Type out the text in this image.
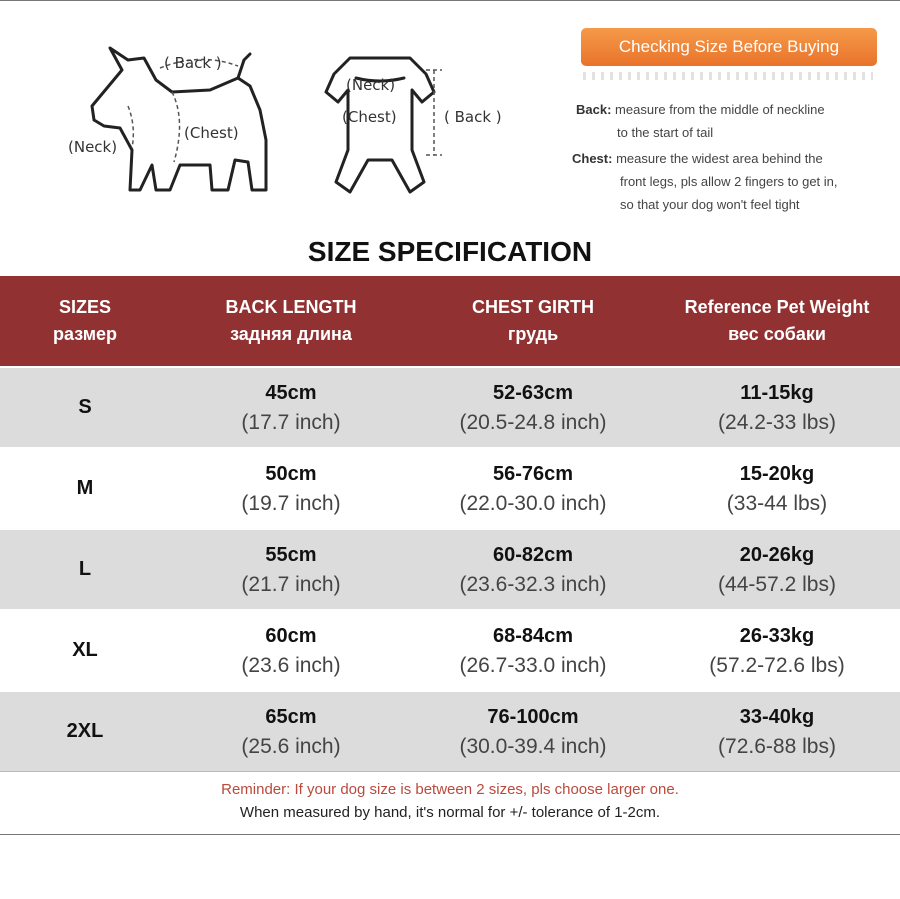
( Back )
(Chest)
(Neck)
(Neck)
(Chest)	( Back )
Checking Size Before Buying
Back: measure from the middle of neckline
to the start of tail
Chest: measure the widest area behind the
front legs, pls allow 2 fingers to get in,
so that your dog won't feel tight
SIZE SPECIFICATION
SIZES
размер
BACK LENGTH
задняя длина
CHEST GIRTH
грудь
Reference Pet Weight
вес собаки
S
45cm
(17.7 inch)
52-63cm
(20.5-24.8 inch)
11-15kg
(24.2-33 lbs)
M
50cm
(19.7 inch)
56-76cm
(22.0-30.0 inch)
15-20kg
(33-44 lbs)
L
55cm
(21.7 inch)
60-82cm
(23.6-32.3 inch)
20-26kg
(44-57.2 lbs)
XL
60cm
(23.6 inch)
68-84cm
(26.7-33.0 inch)
26-33kg
(57.2-72.6 lbs)
2XL
65cm
(25.6 inch)
76-100cm
(30.0-39.4 inch)
33-40kg
(72.6-88 lbs)
Reminder: If your dog size is between 2 sizes, pls choose larger one.
When measured by hand, it's normal for +/- tolerance of 1-2cm.
